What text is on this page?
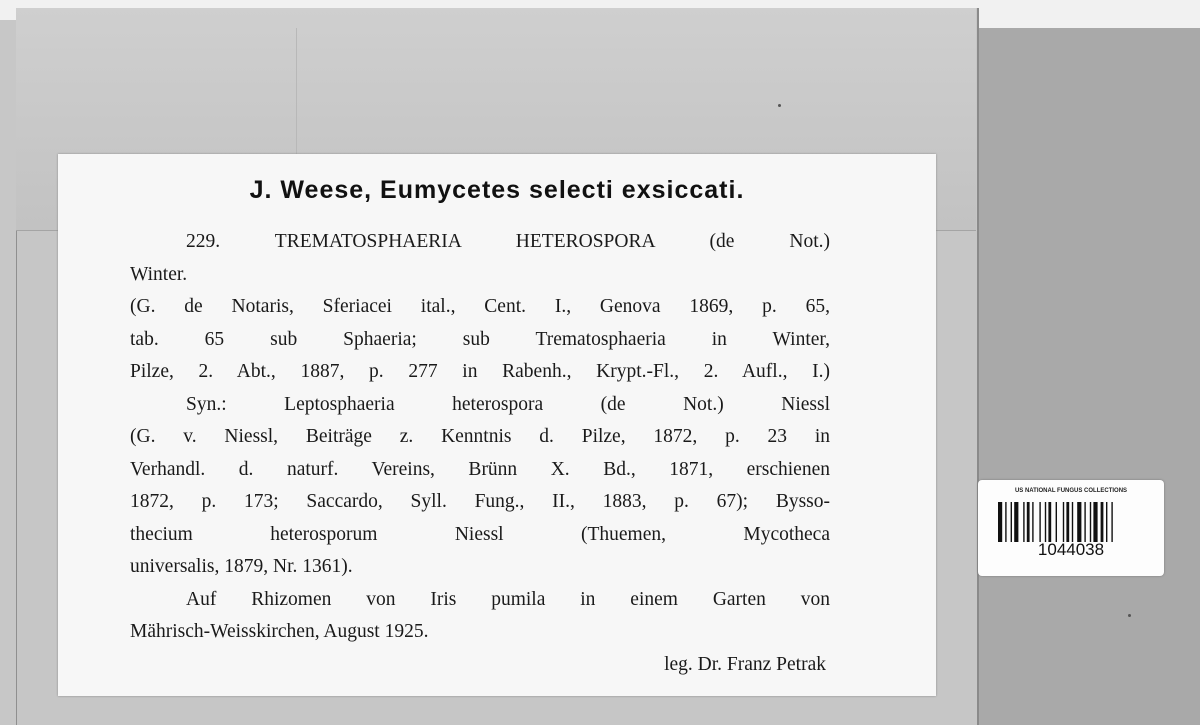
J. Weese, Eumycetes selecti exsiccati.
229. TREMATOSPHAERIA HETEROSPORA (de Not.)
Winter.
(G. de Notaris, Sferiacei ital., Cent. I., Genova 1869, p. 65,
tab. 65 sub Sphaeria; sub Trematosphaeria in Winter,
Pilze, 2. Abt., 1887, p. 277 in Rabenh., Krypt.-Fl., 2. Aufl., I.)
Syn.: Leptosphaeria heterospora (de Not.) Niessl
(G. v. Niessl, Beiträge z. Kenntnis d. Pilze, 1872, p. 23 in
Verhandl. d. naturf. Vereins, Brünn X. Bd., 1871, erschienen
1872, p. 173; Saccardo, Syll. Fung., II., 1883, p. 67); Bysso-
thecium heterosporum Niessl (Thuemen, Mycotheca
universalis, 1879, Nr. 1361).
Auf Rhizomen von Iris pumila in einem Garten von
Mährisch-Weisskirchen, August 1925.
leg. Dr. Franz Petrak
US NATIONAL FUNGUS COLLECTIONS
1044038
